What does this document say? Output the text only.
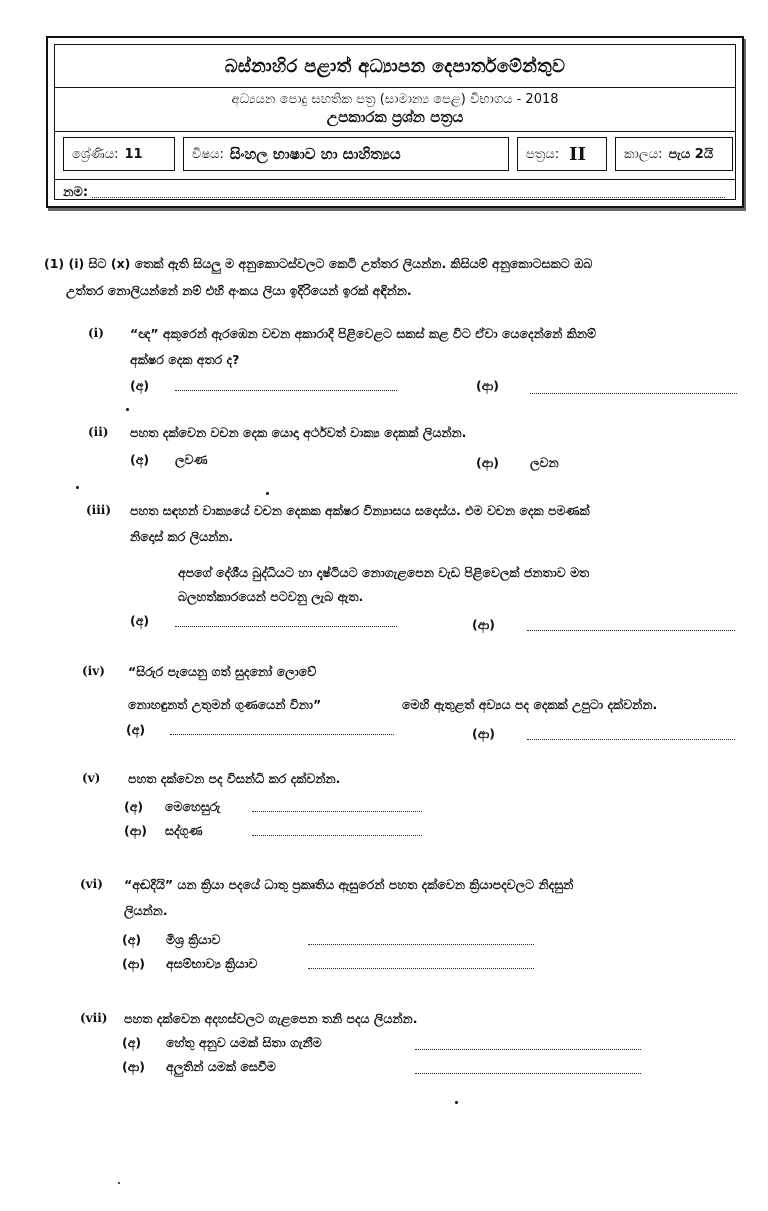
බස්නාහිර පළාත් අධ්‍යාපන දෙපාර්තමේන්තුව
අධ්‍යයන පොදු සහතික පත්‍ර (සාමාන්‍ය පෙළ) විභාගය - 2018
උපකාරක ප්‍රශ්න පත්‍රය
ශ්‍රේණිය: 11	විෂය: සිංහල භාෂාව හා සාහිත්‍යය	පත්‍රය: II	කාලය: පැය 2යි
නම:
(1) (i) සිට (x) තෙක් ඇති සියලු ම අනුකොටස්වලට කෙටි උත්තර ලියන්න. කිසියම් අනුකොටසකට ඔබ
උත්තර නොලියන්නේ නම් එහි අංකය ලියා ඉදිරියෙන් ඉරක් අඳින්න.
(i) “ඥ” අකුරෙන් ඇරඹෙන වචන අකාරාදි පිළිවෙළට සකස් කළ විට ඒවා යෙදෙන්නේ කිනම්
අක්ෂර දෙක අතර ද?
(අ)	(ආ)
(ii) පහත දක්වෙන වචන දෙක යොදා අර්ථවත් වාක්‍ය දෙකක් ලියන්න.
(අ) ලවණ	(ආ) ලවන
(iii) පහත සඳහන් වාක්‍යයේ වචන දෙකක අක්ෂර වින්‍යාසය සදොස්ය. එම වචන දෙක පමණක්
නිදොස් කර ලියන්න.
අපගේ දේශීය බුද්ධියට හා දෘෂ්ටියට නොගැළපෙන වැඩ පිළිවෙලක් ජනතාව මත
බලහත්කාරයෙන් පටවනු ලැබ ඇත.
(අ)	(ආ)
(iv) “සිරුර පැයෙනු ගත් සුදනෝ ලොවේ
නොහඳුනත් උතුමන් ගුණයෙන් විනා”	මෙහි ඇතුළත් අව්‍යය පද දෙකක් උපුටා දක්වන්න.
(අ)	(ආ)
(v) පහත දක්වෙන පද විසන්ධි කර දක්වන්න.
(අ) මෙහෙසුරු
(ආ) සද්ගුණ
(vi) “අඬදියි” යන ක්‍රියා පදයේ ධාතු ප්‍රකෘතිය ඇසුරෙන් පහත දක්වෙන ක්‍රියාපදවලට නිදසුන්
ලියන්න.
(අ) මිශ්‍ර ක්‍රියාව
(ආ) අසම්භාව්‍ය ක්‍රියාව
(vii) පහත දක්වෙන අදහස්වලට ගැළපෙන තනි පදය ලියන්න.
(අ) හේතු අනුව යමක් සිතා ගැනීම
(ආ) අලුතින් යමක් සෙවීම
